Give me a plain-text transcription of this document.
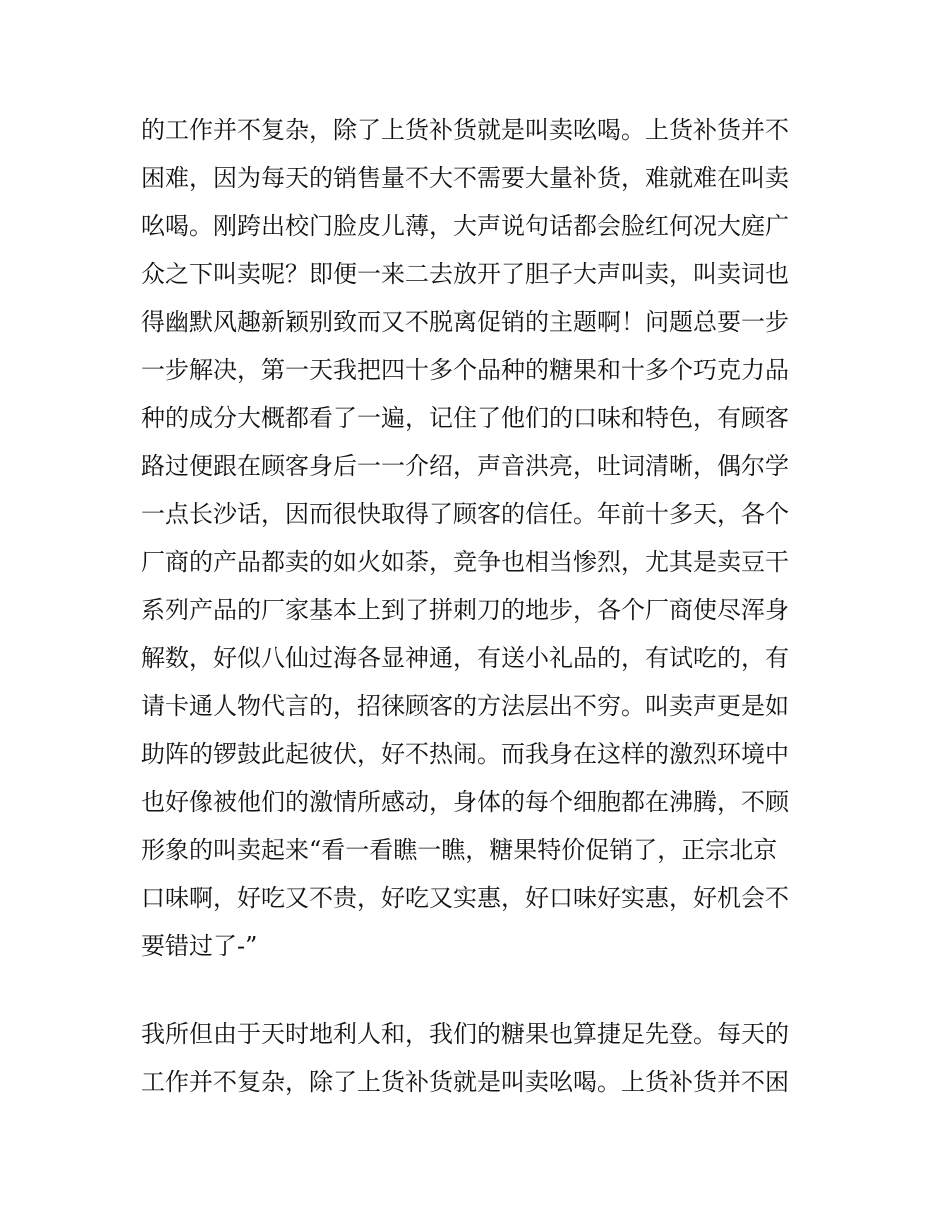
的工作并不复杂，除了上货补货就是叫卖吆喝。上货补货并不
困难，因为每天的销售量不大不需要大量补货，难就难在叫卖
吆喝。刚跨出校门脸皮儿薄，大声说句话都会脸红何况大庭广
众之下叫卖呢？即便一来二去放开了胆子大声叫卖，叫卖词也
得幽默风趣新颖别致而又不脱离促销的主题啊！问题总要一步
一步解决，第一天我把四十多个品种的糖果和十多个巧克力品
种的成分大概都看了一遍，记住了他们的口味和特色，有顾客
路过便跟在顾客身后一一介绍，声音洪亮，吐词清晰，偶尔学
一点长沙话，因而很快取得了顾客的信任。年前十多天，各个
厂商的产品都卖的如火如荼，竞争也相当惨烈，尤其是卖豆干
系列产品的厂家基本上到了拼刺刀的地步，各个厂商使尽浑身
解数，好似八仙过海各显神通，有送小礼品的，有试吃的，有
请卡通人物代言的，招徕顾客的方法层出不穷。叫卖声更是如
助阵的锣鼓此起彼伏，好不热闹。而我身在这样的激烈环境中
也好像被他们的激情所感动，身体的每个细胞都在沸腾，不顾
形象的叫卖起来“看一看瞧一瞧，糖果特价促销了，正宗北京
口味啊，好吃又不贵，好吃又实惠，好口味好实惠，好机会不
要错过了-”
我所但由于天时地利人和，我们的糖果也算捷足先登。每天的
工作并不复杂，除了上货补货就是叫卖吆喝。上货补货并不困
